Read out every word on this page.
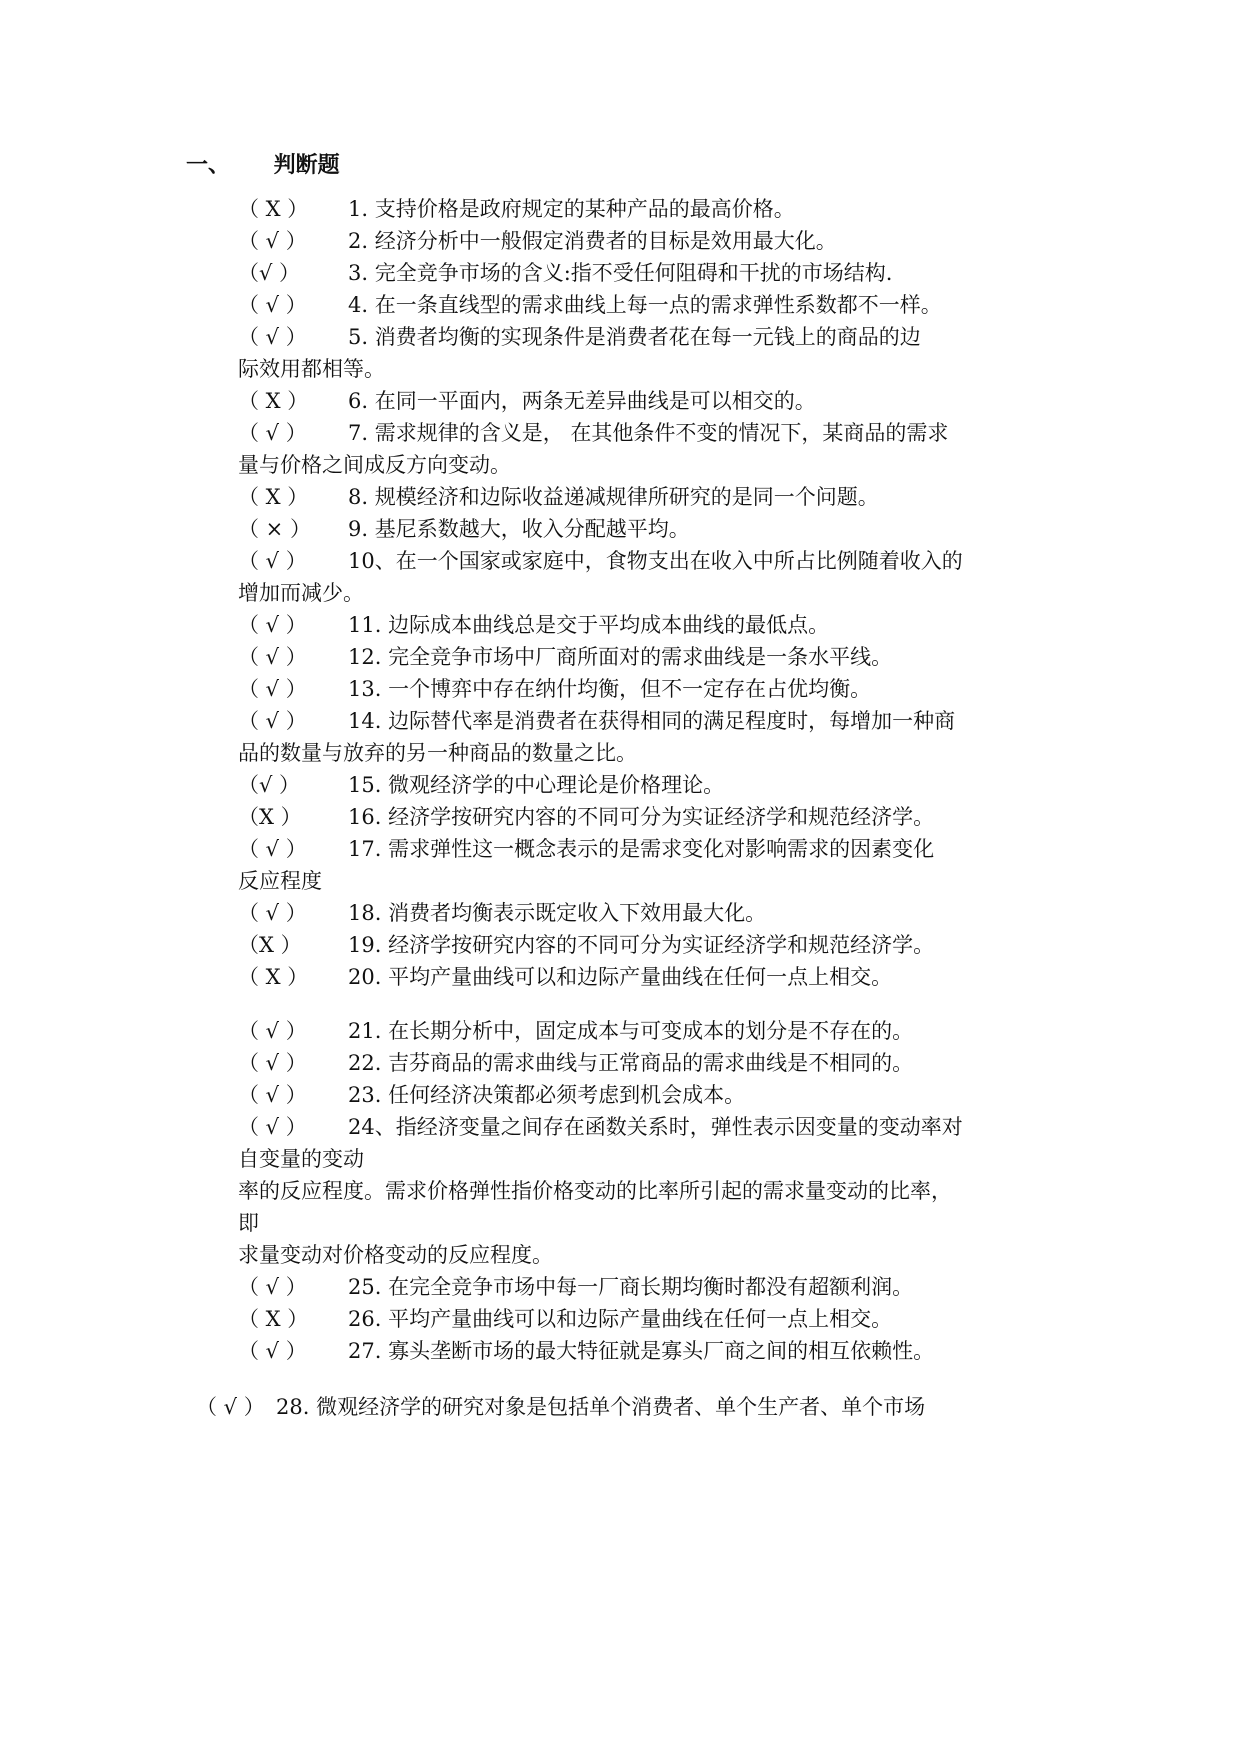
一、 判断题
（ X ） 1. 支持价格是政府规定的某种产品的最高价格。
（ √ ） 2. 经济分析中一般假定消费者的目标是效用最大化。
（√ ） 3. 完全竞争市场的含义:指不受任何阻碍和干扰的市场结构.
（ √ ） 4. 在一条直线型的需求曲线上每一点的需求弹性系数都不一样。
（ √ ） 5. 消费者均衡的实现条件是消费者花在每一元钱上的商品的边
际效用都相等。
（ X ） 6. 在同一平面内，两条无差异曲线是可以相交的。
（ √ ） 7. 需求规律的含义是， 在其他条件不变的情况下，某商品的需求
量与价格之间成反方向变动。
（ X ） 8. 规模经济和边际收益递减规律所研究的是同一个问题。
（ × ） 9. 基尼系数越大，收入分配越平均。
（ √ ） 10、在一个国家或家庭中，食物支出在收入中所占比例随着收入的
增加而减少。
（ √ ） 11. 边际成本曲线总是交于平均成本曲线的最低点。
（ √ ） 12. 完全竞争市场中厂商所面对的需求曲线是一条水平线。
（ √ ） 13. 一个博弈中存在纳什均衡，但不一定存在占优均衡。
（ √ ） 14. 边际替代率是消费者在获得相同的满足程度时，每增加一种商
品的数量与放弃的另一种商品的数量之比。
（√ ） 15. 微观经济学的中心理论是价格理论。
（X ） 16. 经济学按研究内容的不同可分为实证经济学和规范经济学。
（ √ ） 17. 需求弹性这一概念表示的是需求变化对影响需求的因素变化
反应程度
（ √ ） 18. 消费者均衡表示既定收入下效用最大化。
（X ） 19. 经济学按研究内容的不同可分为实证经济学和规范经济学。
（ X ） 20. 平均产量曲线可以和边际产量曲线在任何一点上相交。
（ √ ） 21. 在长期分析中，固定成本与可变成本的划分是不存在的。
（ √ ） 22. 吉芬商品的需求曲线与正常商品的需求曲线是不相同的。
（ √ ） 23. 任何经济决策都必须考虑到机会成本。
（ √ ） 24、指经济变量之间存在函数关系时，弹性表示因变量的变动率对
自变量的变动
率的反应程度。需求价格弹性指价格变动的比率所引起的需求量变动的比率，
即
求量变动对价格变动的反应程度。
（ √ ） 25. 在完全竞争市场中每一厂商长期均衡时都没有超额利润。
（ X ） 26. 平均产量曲线可以和边际产量曲线在任何一点上相交。
（ √ ） 27. 寡头垄断市场的最大特征就是寡头厂商之间的相互依赖性。
（ √ ） 28. 微观经济学的研究对象是包括单个消费者、单个生产者、单个市场
